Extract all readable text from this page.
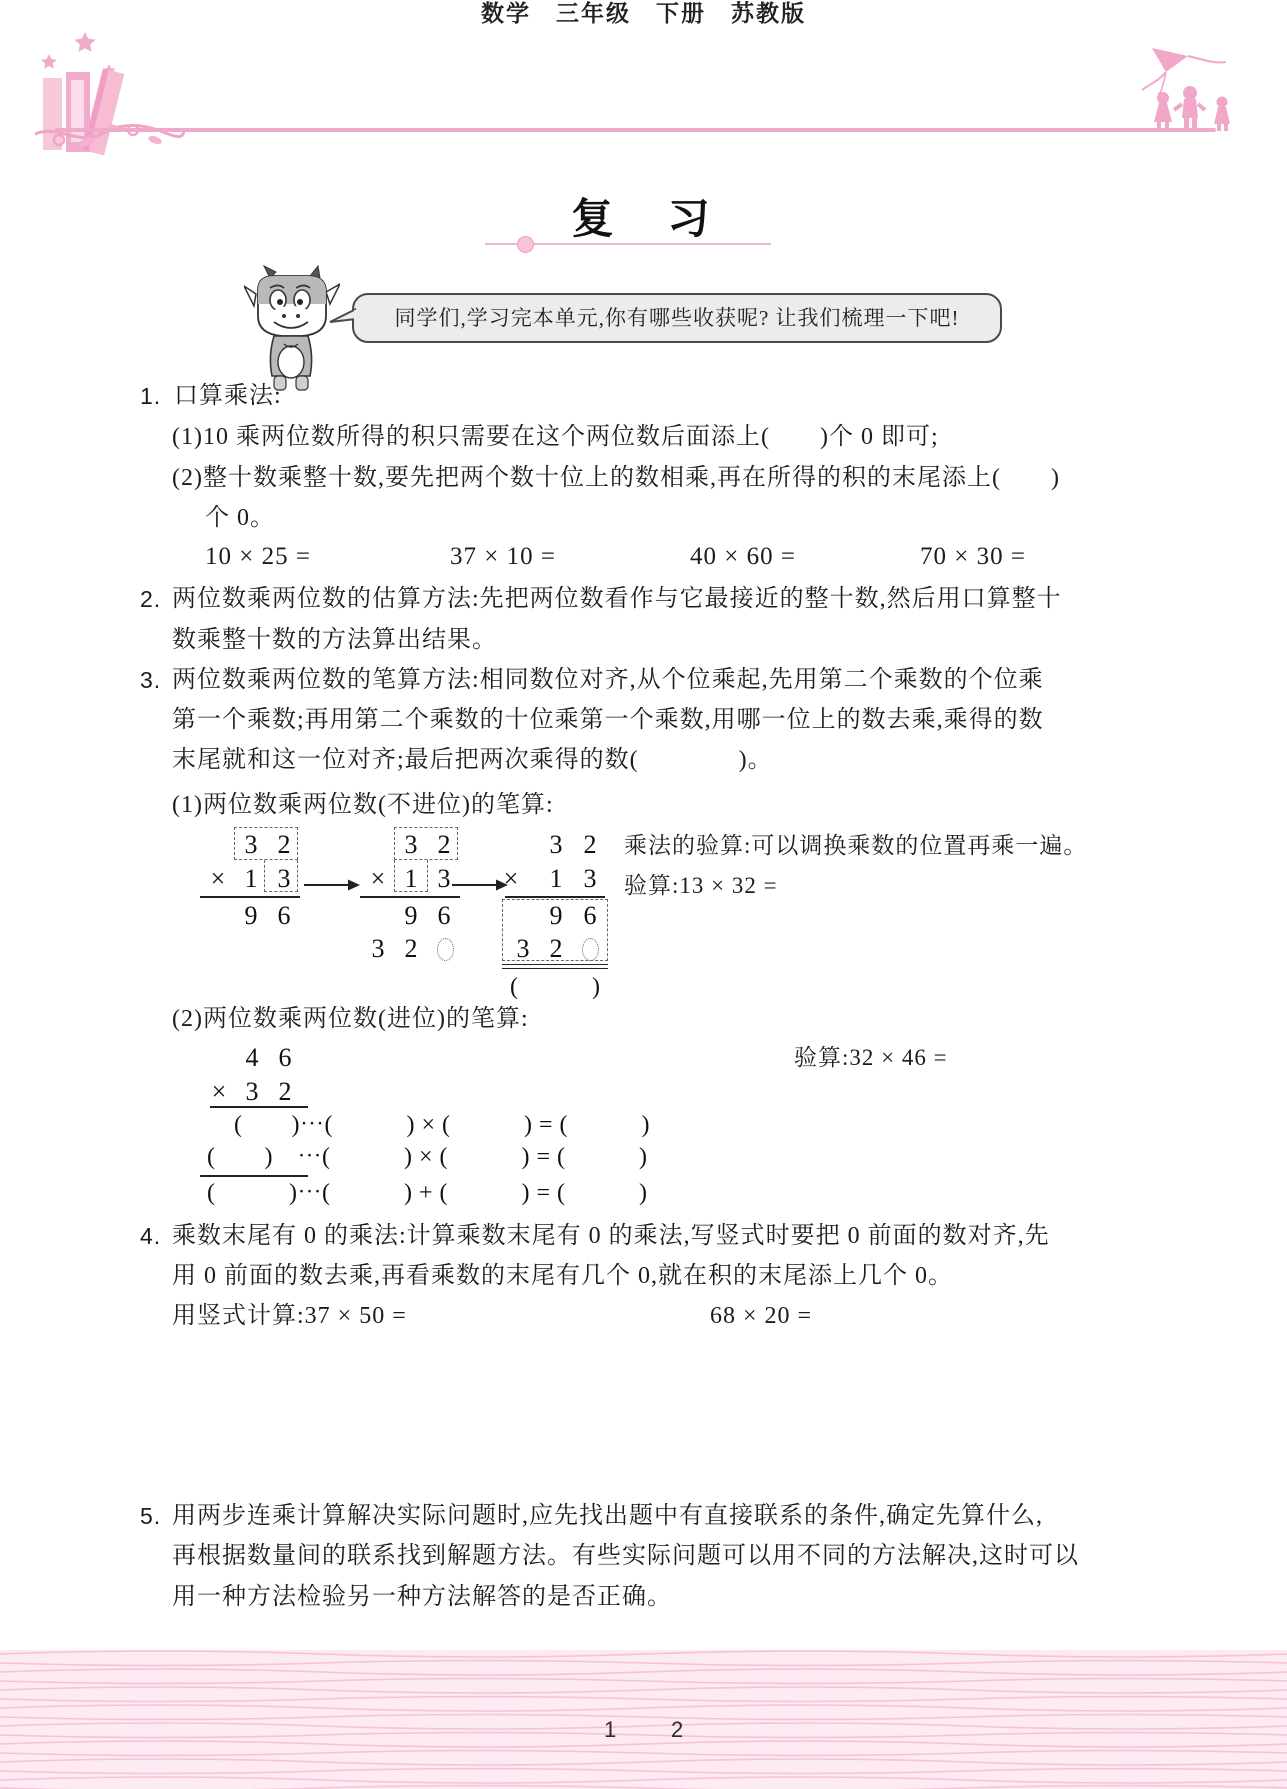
数学　三年级　下册　苏教版
复　习
同学们,学习完本单元,你有哪些收获呢? 让我们梳理一下吧!
1. 口算乘法:
(1)10 乘两位数所得的积只需要在这个两位数后面添上(　　)个 0 即可;
(2)整十数乘整十数,要先把两个数十位上的数相乘,再在所得的积的末尾添上(　　)
个 0。
10 × 25 =	37 × 10 =	40 × 60 =	70 × 30 =
2. 两位数乘两位数的估算方法:先把两位数看作与它最接近的整十数,然后用口算整十
数乘整十数的方法算出结果。
3. 两位数乘两位数的笔算方法:相同数位对齐,从个位乘起,先用第二个乘数的个位乘
第一个乘数;再用第二个乘数的十位乘第一个乘数,用哪一位上的数去乘,乘得的数
末尾就和这一位对齐;最后把两次乘得的数(　　　　)。
(1)两位数乘两位数(不进位)的笔算:
3 2
× 1 3
9 6
3 2
× 1 3
9 6
3 2
3 2
× 1 3
9 6
3 2
(　　　)
乘法的验算:可以调换乘数的位置再乘一遍。
验算:13 × 32 =
(2)两位数乘两位数(进位)的笔算:
4 6
× 3 2
(　　)⋯(　　　) × (　　　) = (　　　)
(　　)　⋯(　　　) × (　　　) = (　　　)
(　　　)⋯(　　　) + (　　　) = (　　　)
验算:32 × 46 =
4. 乘数末尾有 0 的乘法:计算乘数末尾有 0 的乘法,写竖式时要把 0 前面的数对齐,先
用 0 前面的数去乘,再看乘数的末尾有几个 0,就在积的末尾添上几个 0。
用竖式计算:37 × 50 =	68 × 20 =
5. 用两步连乘计算解决实际问题时,应先找出题中有直接联系的条件,确定先算什么,
再根据数量间的联系找到解题方法。有些实际问题可以用不同的方法解决,这时可以
用一种方法检验另一种方法解答的是否正确。
1 2
